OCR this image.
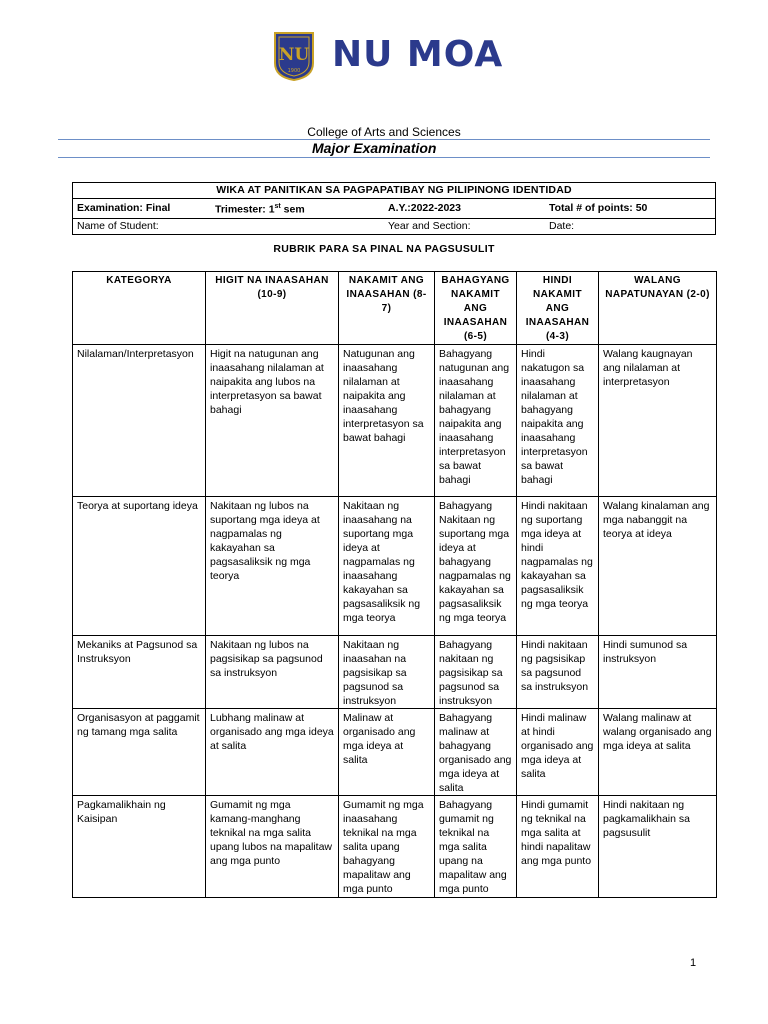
NU
1900 NU MOA
College of Arts and Sciences
Major Examination
WIKA AT PANITIKAN SA PAGPAPATIBAY NG PILIPINONG IDENTIDAD			
Examination: Final	Trimester: 1st sem	A.Y.:2022-2023	Total # of points: 50
Name of Student:		Year and Section:	Date:
RUBRIK PARA SA PINAL NA PAGSUSULIT
KATEGORYA	HIGIT NA INAASAHAN (10-9)	NAKAMIT ANG INAASAHAN (8-7)	BAHAGYANG NAKAMIT ANG INAASAHAN (6-5)	HINDI NAKAMIT ANG INAASAHAN (4-3)	WALANG NAPATUNAYAN (2-0)
Nilalaman/Interpretasyon	Higit na natugunan ang inaasahang nilalaman at naipakita ang lubos na interpretasyon sa bawat bahagi	Natugunan ang inaasahang nilalaman at naipakita ang inaasahang interpretasyon sa bawat bahagi	Bahagyang natugunan ang inaasahang nilalaman at bahagyang naipakita ang inaasahang interpretasyon sa bawat bahagi	Hindi nakatugon sa inaasahang nilalaman at bahagyang naipakita ang inaasahang interpretasyon sa bawat bahagi	Walang kaugnayan ang nilalaman at interpretasyon
Teorya at suportang ideya	Nakitaan ng lubos na suportang mga ideya at nagpamalas ng kakayahan sa pagsasaliksik ng mga teorya	Nakitaan ng inaasahang na suportang mga ideya at nagpamalas ng inaasahang kakayahan sa pagsasaliksik ng mga teorya	Bahagyang Nakitaan ng suportang mga ideya at bahagyang nagpamalas ng kakayahan sa pagsasaliksik ng mga teorya	Hindi nakitaan ng suportang mga ideya at hindi nagpamalas ng kakayahan sa pagsasaliksik ng mga teorya	Walang kinalaman ang mga nabanggit na teorya at ideya
Mekaniks at Pagsunod sa Instruksyon	Nakitaan ng lubos na pagsisikap sa pagsunod sa instruksyon	Nakitaan ng inaasahan na pagsisikap sa pagsunod sa instruksyon	Bahagyang nakitaan ng pagsisikap sa pagsunod sa instruksyon	Hindi nakitaan ng pagsisikap sa pagsunod sa instruksyon	Hindi sumunod sa instruksyon
Organisasyon at paggamit ng tamang mga salita	Lubhang malinaw at organisado ang mga ideya at salita	Malinaw at organisado ang mga ideya at salita	Bahagyang malinaw at bahagyang organisado ang mga ideya at salita	Hindi malinaw at hindi organisado ang mga ideya at salita	Walang malinaw at walang organisado ang mga ideya at salita
Pagkamalikhain ng Kaisipan	Gumamit ng mga kamang-manghang teknikal na mga salita upang lubos na mapalitaw ang mga punto	Gumamit ng mga inaasahang teknikal na mga salita upang bahagyang mapalitaw ang mga punto	Bahagyang gumamit ng teknikal na mga salita upang na mapalitaw ang mga punto	Hindi gumamit ng teknikal na mga salita at hindi napalitaw ang mga punto	Hindi nakitaan ng pagkamalikhain sa pagsusulit
1
